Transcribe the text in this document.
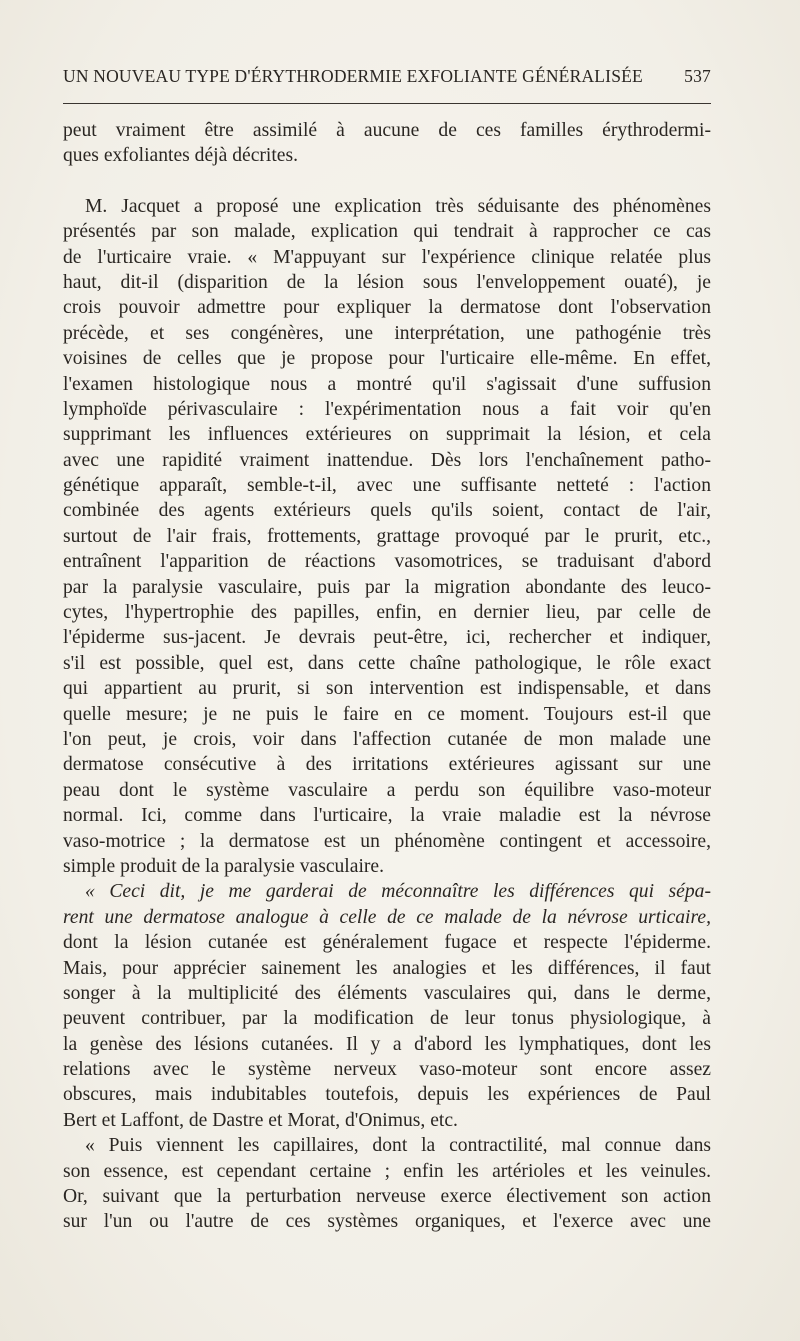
UN NOUVEAU TYPE D'ÉRYTHRODERMIE EXFOLIANTE GÉNÉRALISÉE 537
peut vraiment être assimilé à aucune de ces familles érythrodermi-
ques exfoliantes déjà décrites.
M. Jacquet a proposé une explication très séduisante des phénomènes
présentés par son malade, explication qui tendrait à rapprocher ce cas
de l'urticaire vraie. « M'appuyant sur l'expérience clinique relatée plus
haut, dit-il (disparition de la lésion sous l'enveloppement ouaté), je
crois pouvoir admettre pour expliquer la dermatose dont l'observation
précède, et ses congénères, une interprétation, une pathogénie très
voisines de celles que je propose pour l'urticaire elle-même. En effet,
l'examen histologique nous a montré qu'il s'agissait d'une suffusion
lymphoïde périvasculaire : l'expérimentation nous a fait voir qu'en
supprimant les influences extérieures on supprimait la lésion, et cela
avec une rapidité vraiment inattendue. Dès lors l'enchaînement patho-
génétique apparaît, semble-t-il, avec une suffisante netteté : l'action
combinée des agents extérieurs quels qu'ils soient, contact de l'air,
surtout de l'air frais, frottements, grattage provoqué par le prurit, etc.,
entraînent l'apparition de réactions vasomotrices, se traduisant d'abord
par la paralysie vasculaire, puis par la migration abondante des leuco-
cytes, l'hypertrophie des papilles, enfin, en dernier lieu, par celle de
l'épiderme sus-jacent. Je devrais peut-être, ici, rechercher et indiquer,
s'il est possible, quel est, dans cette chaîne pathologique, le rôle exact
qui appartient au prurit, si son intervention est indispensable, et dans
quelle mesure; je ne puis le faire en ce moment. Toujours est-il que
l'on peut, je crois, voir dans l'affection cutanée de mon malade une
dermatose consécutive à des irritations extérieures agissant sur une
peau dont le système vasculaire a perdu son équilibre vaso-moteur
normal. Ici, comme dans l'urticaire, la vraie maladie est la névrose
vaso-motrice ; la dermatose est un phénomène contingent et accessoire,
simple produit de la paralysie vasculaire.
« Ceci dit, je me garderai de méconnaître les différences qui sépa-
rent une dermatose analogue à celle de ce malade de la névrose urticaire,
dont la lésion cutanée est généralement fugace et respecte l'épiderme.
Mais, pour apprécier sainement les analogies et les différences, il faut
songer à la multiplicité des éléments vasculaires qui, dans le derme,
peuvent contribuer, par la modification de leur tonus physiologique, à
la genèse des lésions cutanées. Il y a d'abord les lymphatiques, dont les
relations avec le système nerveux vaso-moteur sont encore assez
obscures, mais indubitables toutefois, depuis les expériences de Paul
Bert et Laffont, de Dastre et Morat, d'Onimus, etc.
« Puis viennent les capillaires, dont la contractilité, mal connue dans
son essence, est cependant certaine ; enfin les artérioles et les veinules.
Or, suivant que la perturbation nerveuse exerce électivement son action
sur l'un ou l'autre de ces systèmes organiques, et l'exerce avec une
